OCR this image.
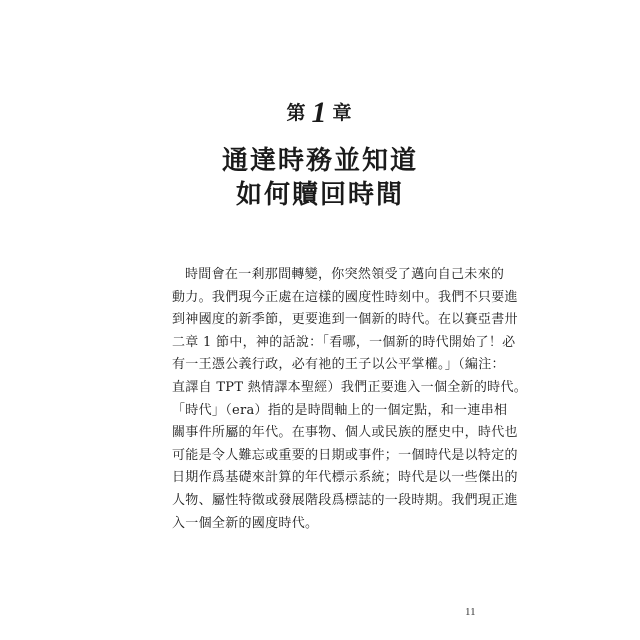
第 1 章
通達時務並知道
如何贖回時間
時間會在一剎那間轉變，你突然領受了邁向自己未來的
動力。我們現今正處在這樣的國度性時刻中。我們不只要進
到神國度的新季節，更要進到一個新的時代。在以賽亞書卅
二章 1 節中，神的話說：「看哪，一個新的時代開始了！必
有一王憑公義行政，必有祂的王子以公平掌權。」（編注：
直譯自 TPT 熱情譯本聖經）我們正要進入一個全新的時代。
「時代」（era）指的是時間軸上的一個定點，和一連串相
關事件所屬的年代。在事物、個人或民族的歷史中，時代也
可能是令人難忘或重要的日期或事件；一個時代是以特定的
日期作爲基礎來計算的年代標示系統；時代是以一些傑出的
人物、屬性特徵或發展階段爲標誌的一段時期。我們現正進
入一個全新的國度時代。
11
